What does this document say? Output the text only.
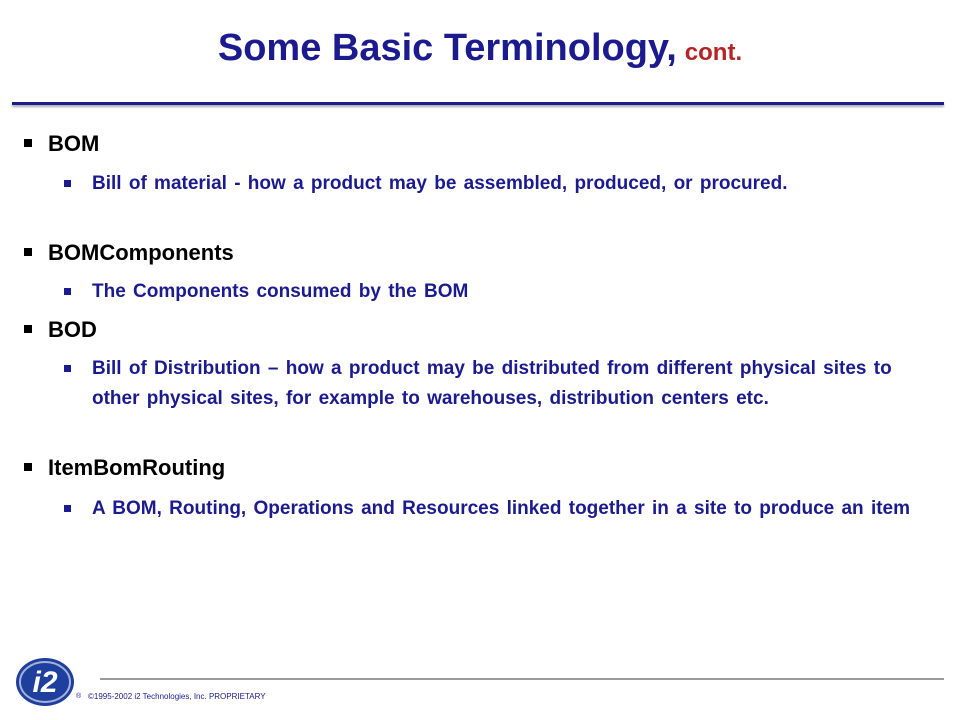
Some Basic Terminology, cont.
BOM
Bill of material - how a product may be assembled, produced, or procured.
BOMComponents
The Components consumed by the BOM
BOD
Bill of Distribution – how a product may be distributed from different physical sites to other physical sites, for example to warehouses, distribution centers etc.
ItemBomRouting
A BOM, Routing, Operations and Resources linked together in a site to produce an item
i2	® ©1995-2002 i2 Technologies, Inc. PROPRIETARY
